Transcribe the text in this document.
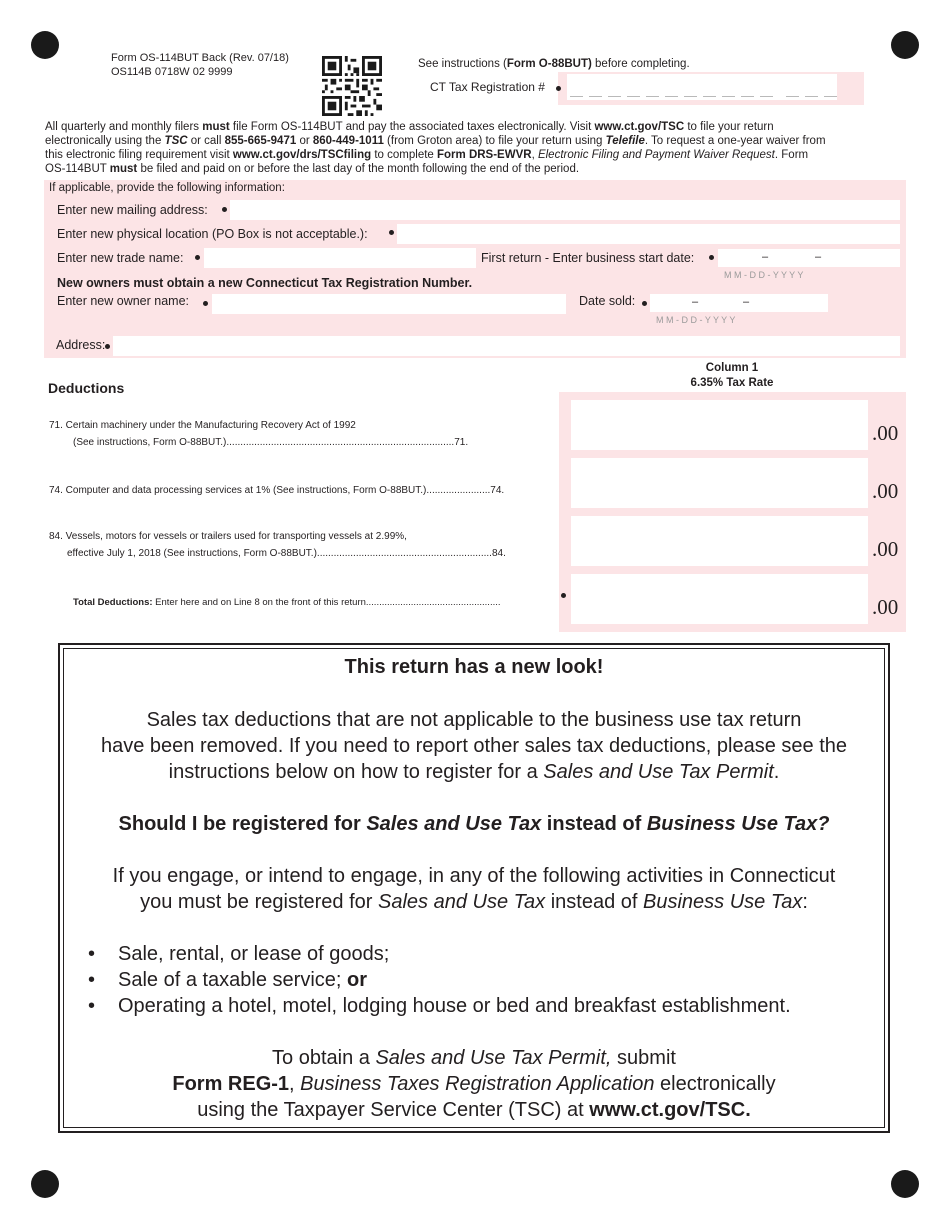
Form OS-114BUT Back (Rev. 07/18)
OS114B 0718W 02 9999
See instructions (Form O-88BUT) before completing.
CT Tax Registration #
All quarterly and monthly filers must file Form OS-114BUT and pay the associated taxes electronically. Visit www.ct.gov/TSC to file your return
electronically using the TSC or call 855-665-9471 or 860-449-1011 (from Groton area) to file your return using Telefile. To request a one-year waiver from
this electronic filing requirement visit www.ct.gov/drs/TSCfiling to complete Form DRS-EWVR, Electronic Filing and Payment Waiver Request. Form
OS-114BUT must be filed and paid on or before the last day of the month following the end of the period.
If applicable, provide the following information:
Enter new mailing address:
Enter new physical location (PO Box is not acceptable.):
Enter new trade name:	First return - Enter business start date:	–	–
M M - D D - Y Y Y Y
New owners must obtain a new Connecticut Tax Registration Number.
Enter new owner name:	Date sold:	–	–
M M - D D - Y Y Y Y
Address:
Deductions
Column 1
6.35% Tax Rate
71. Certain machinery under the Manufacturing Recovery Act of 1992
(See instructions, Form O-88BUT.)..................................................................................71.	.00
74. Computer and data processing services at 1% (See instructions, Form O-88BUT.).......................74.	.00
84. Vessels, motors for vessels or trailers used for transporting vessels at 2.99%,
effective July 1, 2018 (See instructions, Form O-88BUT.)...............................................................84.	.00
Total Deductions: Enter here and on Line 8 on the front of this return...................................................	.00
This return has a new look!
Sales tax deductions that are not applicable to the business use tax return
have been removed. If you need to report other sales tax deductions, please see the
instructions below on how to register for a Sales and Use Tax Permit.
Should I be registered for Sales and Use Tax instead of Business Use Tax?
If you engage, or intend to engage, in any of the following activities in Connecticut
you must be registered for Sales and Use Tax instead of Business Use Tax:
• Sale, rental, or lease of goods;
• Sale of a taxable service; or
• Operating a hotel, motel, lodging house or bed and breakfast establishment.
To obtain a Sales and Use Tax Permit, submit
Form REG-1, Business Taxes Registration Application electronically
using the Taxpayer Service Center (TSC) at www.ct.gov/TSC.
